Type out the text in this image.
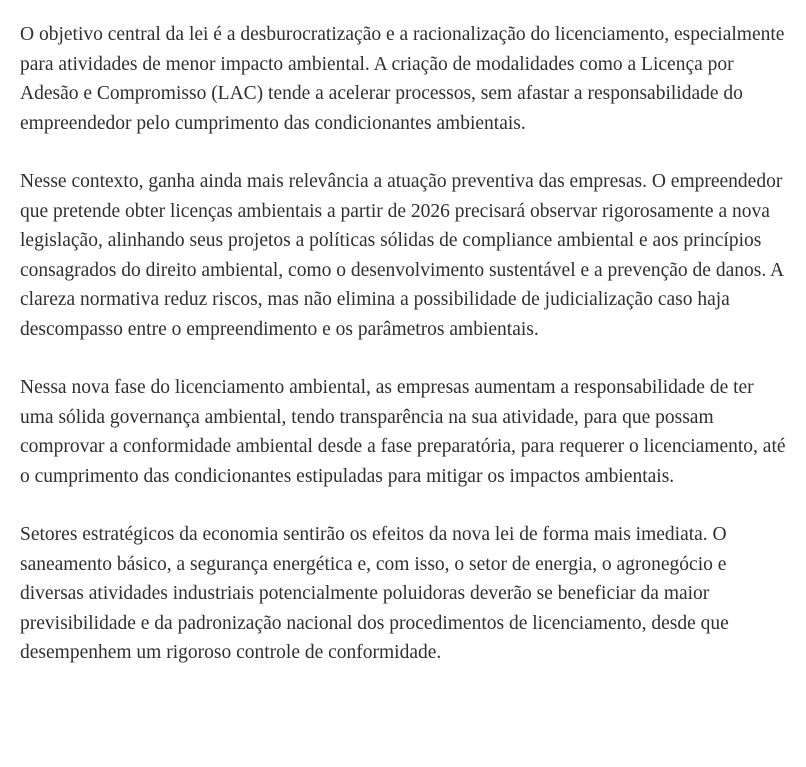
O objetivo central da lei é a desburocratização e a racionalização do licenciamento, especialmente para atividades de menor impacto ambiental. A criação de modalidades como a Licença por Adesão e Compromisso (LAC) tende a acelerar processos, sem afastar a responsabilidade do empreendedor pelo cumprimento das condicionantes ambientais.

Nesse contexto, ganha ainda mais relevância a atuação preventiva das empresas. O empreendedor que pretende obter licenças ambientais a partir de 2026 precisará observar rigorosamente a nova legislação, alinhando seus projetos a políticas sólidas de compliance ambiental e aos princípios consagrados do direito ambiental, como o desenvolvimento sustentável e a prevenção de danos. A clareza normativa reduz riscos, mas não elimina a possibilidade de judicialização caso haja descompasso entre o empreendimento e os parâmetros ambientais.

Nessa nova fase do licenciamento ambiental, as empresas aumentam a responsabilidade de ter uma sólida governança ambiental, tendo transparência na sua atividade, para que possam comprovar a conformidade ambiental desde a fase preparatória, para requerer o licenciamento, até o cumprimento das condicionantes estipuladas para mitigar os impactos ambientais.

Setores estratégicos da economia sentirão os efeitos da nova lei de forma mais imediata. O saneamento básico, a segurança energética e, com isso, o setor de energia, o agronegócio e diversas atividades industriais potencialmente poluidoras deverão se beneficiar da maior previsibilidade e da padronização nacional dos procedimentos de licenciamento, desde que desempenhem um rigoroso controle de conformidade.
